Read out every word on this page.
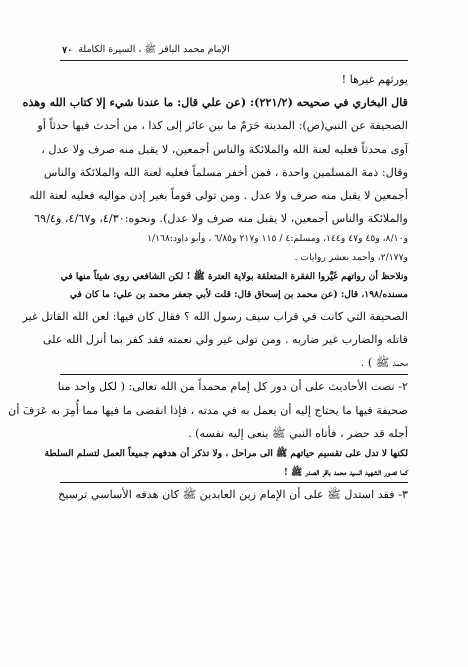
٧٠ الإمام محمد الباقر ﷺ ، السيرة الكاملة
يورثهم غيرها !
قال البخاري في صحيحه (٢٢١/٢): (عن علي قال: ما عندنا شيء إلا كتاب الله وهذه
الصحيفة عن النبي(ص): المدينة حَرَمٌ ما بين عائر إلى كذا ، من أحدث فيها حدثاً أو
آوى محدثاً فعليه لعنة الله والملائكة والناس أجمعين، لا يقبل منه صرف ولا عدل ،
وقال: ذمة المسلمين واحدة ، فمن أخفر مسلماً فعليه لعنة الله والملائكة والناس
أجمعين لا يقبل منه صرف ولا عدل . ومن تولى قوماً بغير إذن مواليه فعليه لعنة الله
والملائكة والناس أجمعين، لا يقبل منه صرف ولا عدل). ونحوه:٤/٣٠، و٤/٦٧، و٦٩/٤
و٨/١٠، و٤٥ و٤٧ و١٤٤، ومسلم:٤ / ١١٥ و٢١٧ و٦/٨٥ ، وأبو داود:١/١٦٨
و٢/١٧٧، وأحمد بعشر روايات .
ونلاحظ أن رواتهم غَيَّروا الفقرة المتعلقة بولاية العترة ﷺ ! لكن الشافعي روى شيئاً منها في
مسنده/١٩٨، قال: (عن محمد بن إسحاق قال: قلت لأبي جعفر محمد بن علي: ما كان في
الصحيفة التي كانت في قراب سيف رسول الله ؟ فقال كان فيها: لعن الله القاتل غير
قاتله والضارب غير ضاربه . ومن تولى غير ولي نعمته فقد كفر بما أنزل الله على
محمد ﷺ ) .
٢- نصت الأحاديث على أن دور كل إمام محمداً من الله تعالى: ( لكل واحد منا
صحيفة فيها ما يحتاج إليه أن يعمل به في مدته ، فإذا انقضى ما فيها مما أُمِرَ به عَرَفَ أن
أجله قد حضر ، فأتاه النبي ﷺ ينعى إليه نفسه) .
لكنها لا تدل على تقسيم حياتهم ﷺ الى مراحل ، ولا تذكر أن هدفهم جميعاً العمل لتسلم السلطة
كما تصور الشهيد السيد محمد باقر الصدر ﷺ !
٣- فقد استدل ﷺ على أن الإمام زين العابدين ﷺ كان هدفه الأساسي ترسيخ
